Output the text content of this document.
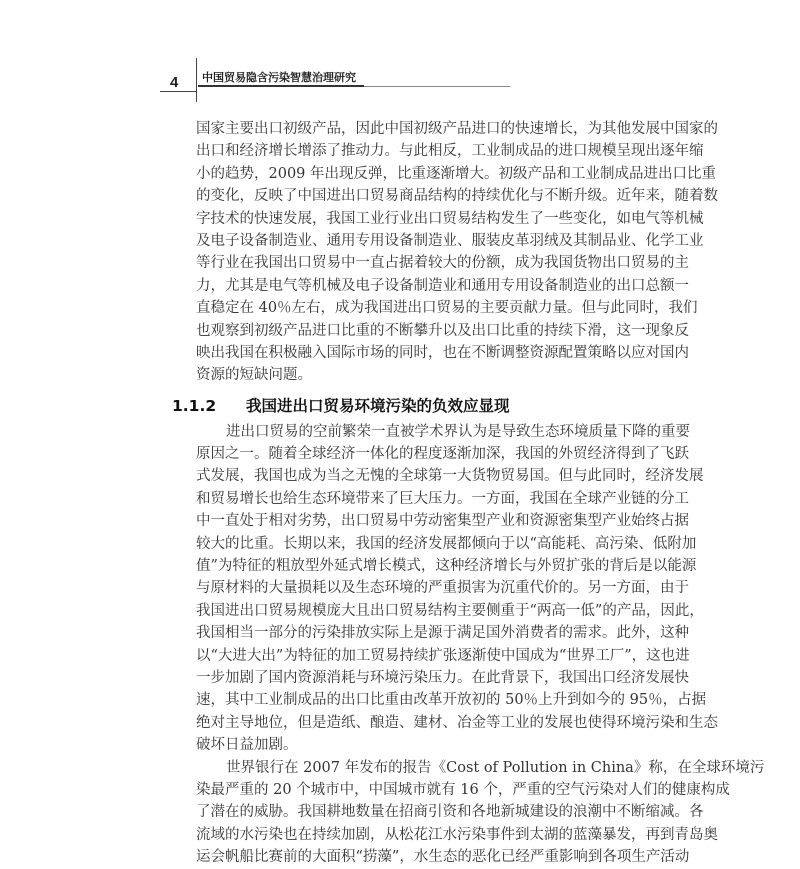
4 中国贸易隐含污染智慧治理研究
国家主要出口初级产品，因此中国初级产品进口的快速增长，为其他发展中国家的
出口和经济增长增添了推动力。与此相反，工业制成品的进口规模呈现出逐年缩
小的趋势，2009 年出现反弹，比重逐渐增大。初级产品和工业制成品进出口比重
的变化，反映了中国进出口贸易商品结构的持续优化与不断升级。近年来，随着数
字技术的快速发展，我国工业行业出口贸易结构发生了一些变化，如电气等机械
及电子设备制造业、通用专用设备制造业、服装皮革羽绒及其制品业、化学工业
等行业在我国出口贸易中一直占据着较大的份额，成为我国货物出口贸易的主
力，尤其是电气等机械及电子设备制造业和通用专用设备制造业的出口总额一
直稳定在 40％左右，成为我国进出口贸易的主要贡献力量。但与此同时，我们
也观察到初级产品进口比重的不断攀升以及出口比重的持续下滑，这一现象反
映出我国在积极融入国际市场的同时，也在不断调整资源配置策略以应对国内
资源的短缺问题。
1.1.2 我国进出口贸易环境污染的负效应显现
进出口贸易的空前繁荣一直被学术界认为是导致生态环境质量下降的重要
原因之一。随着全球经济一体化的程度逐渐加深，我国的外贸经济得到了飞跃
式发展，我国也成为当之无愧的全球第一大货物贸易国。但与此同时，经济发展
和贸易增长也给生态环境带来了巨大压力。一方面，我国在全球产业链的分工
中一直处于相对劣势，出口贸易中劳动密集型产业和资源密集型产业始终占据
较大的比重。长期以来，我国的经济发展都倾向于以“高能耗、高污染、低附加
值”为特征的粗放型外延式增长模式，这种经济增长与外贸扩张的背后是以能源
与原材料的大量损耗以及生态环境的严重损害为沉重代价的。另一方面，由于
我国进出口贸易规模庞大且出口贸易结构主要侧重于“两高一低”的产品，因此，
我国相当一部分的污染排放实际上是源于满足国外消费者的需求。此外，这种
以“大进大出”为特征的加工贸易持续扩张逐渐使中国成为“世界工厂”，这也进
一步加剧了国内资源消耗与环境污染压力。在此背景下，我国出口经济发展快
速，其中工业制成品的出口比重由改革开放初的 50％上升到如今的 95％，占据
绝对主导地位，但是造纸、酿造、建材、冶金等工业的发展也使得环境污染和生态
破坏日益加剧。
世界银行在 2007 年发布的报告《Cost of Pollution in China》称，在全球环境污
染最严重的 20 个城市中，中国城市就有 16 个，严重的空气污染对人们的健康构成
了潜在的威胁。我国耕地数量在招商引资和各地新城建设的浪潮中不断缩减。各
流域的水污染也在持续加剧，从松花江水污染事件到太湖的蓝藻暴发，再到青岛奥
运会帆船比赛前的大面积“捞藻”，水生态的恶化已经严重影响到各项生产活动
